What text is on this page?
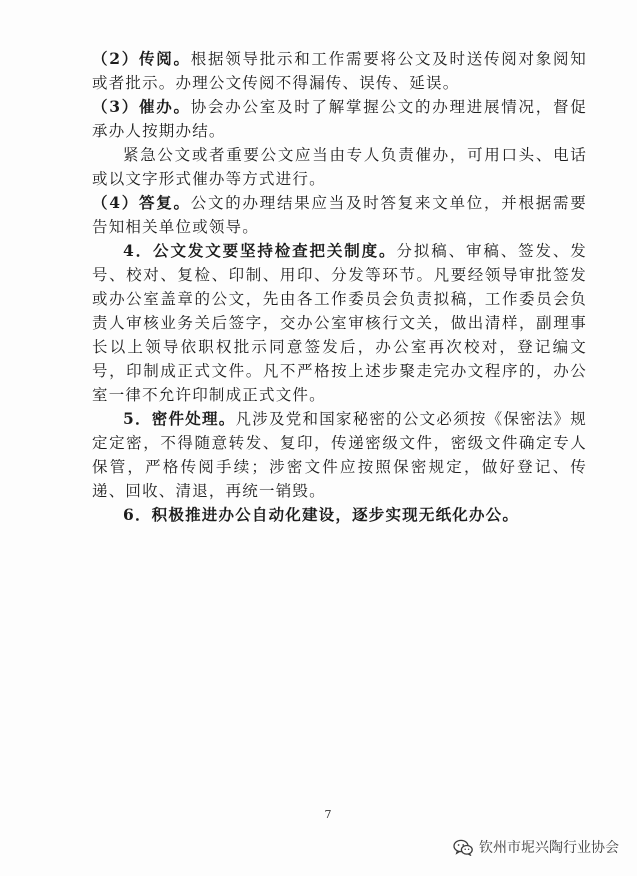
（2）传阅。根据领导批示和工作需要将公文及时送传阅对象阅知或者批示。办理公文传阅不得漏传、误传、延误。

（3）催办。协会办公室及时了解掌握公文的办理进展情况，督促承办人按期办结。

紧急公文或者重要公文应当由专人负责催办，可用口头、电话或以文字形式催办等方式进行。

（4）答复。公文的办理结果应当及时答复来文单位，并根据需要告知相关单位或领导。

4．公文发文要坚持检查把关制度。分拟稿、审稿、签发、发号、校对、复检、印制、用印、分发等环节。凡要经领导审批签发或办公室盖章的公文，先由各工作委员会负责拟稿，工作委员会负责人审核业务关后签字，交办公室审核行文关，做出清样，副理事长以上领导依职权批示同意签发后，办公室再次校对，登记编文号，印制成正式文件。凡不严格按上述步聚走完办文程序的，办公室一律不允许印制成正式文件。

5．密件处理。凡涉及党和国家秘密的公文必须按《保密法》规定定密，不得随意转发、复印，传递密级文件，密级文件确定专人保管，严格传阅手续；涉密文件应按照保密规定，做好登记、传递、回收、清退，再统一销毁。

6．积极推进办公自动化建设，逐步实现无纸化办公。

7
钦州市坭兴陶行业协会
